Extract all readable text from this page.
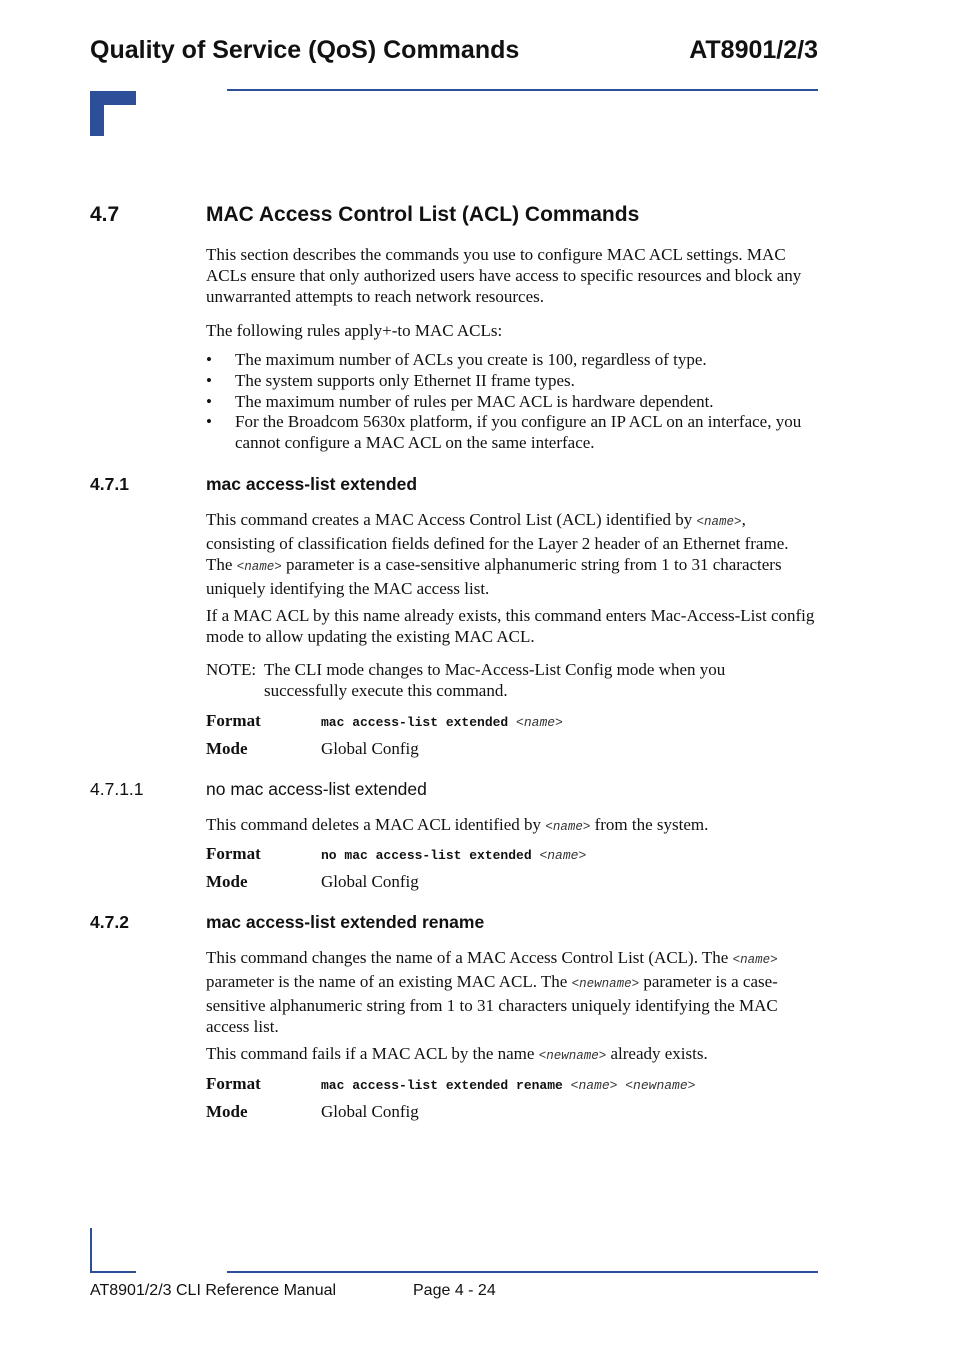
Quality of Service (QoS) Commands	AT8901/2/3
4.7	MAC Access Control List (ACL) Commands

This section describes the commands you use to configure MAC ACL settings. MAC ACLs ensure that only authorized users have access to specific resources and block any unwarranted attempts to reach network resources.

The following rules apply+-to MAC ACLs:

• The maximum number of ACLs you create is 100, regardless of type.
• The system supports only Ethernet II frame types.
• The maximum number of rules per MAC ACL is hardware dependent.
• For the Broadcom 5630x platform, if you configure an IP ACL on an interface, you cannot configure a MAC ACL on the same interface.
4.7.1	mac access-list extended

This command creates a MAC Access Control List (ACL) identified by <name>, consisting of classification fields defined for the Layer 2 header of an Ethernet frame. The <name> parameter is a case-sensitive alphanumeric string from 1 to 31 characters uniquely identifying the MAC access list.

If a MAC ACL by this name already exists, this command enters Mac-Access-List config mode to allow updating the existing MAC ACL.

NOTE: The CLI mode changes to Mac-Access-List Config mode when you successfully execute this command.
Format	mac access-list extended <name>
Mode	Global Config
4.7.1.1	no mac access-list extended

This command deletes a MAC ACL identified by <name> from the system.

Format	no mac access-list extended <name>
Mode	Global Config
4.7.2	mac access-list extended rename

This command changes the name of a MAC Access Control List (ACL). The <name> parameter is the name of an existing MAC ACL. The <newname> parameter is a case-sensitive alphanumeric string from 1 to 31 characters uniquely identifying the MAC access list.

This command fails if a MAC ACL by the name <newname> already exists.

Format	mac access-list extended rename <name> <newname>
Mode	Global Config
AT8901/2/3 CLI Reference Manual	Page 4 - 24
